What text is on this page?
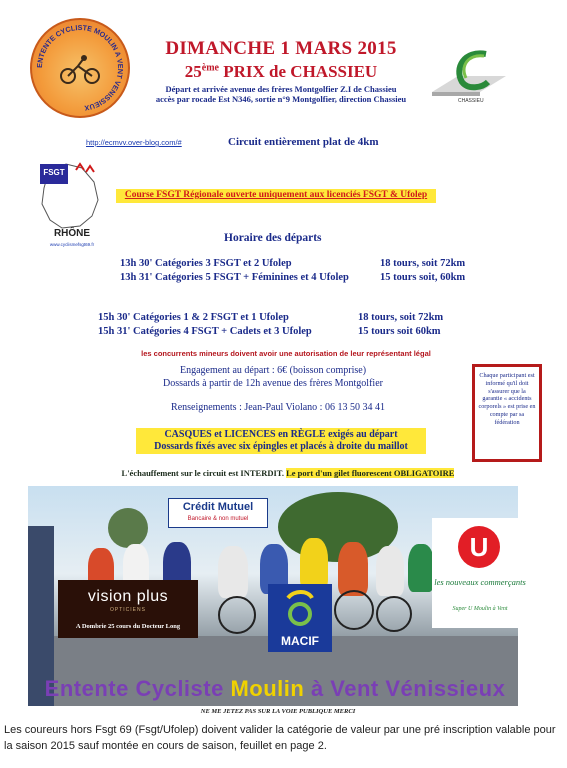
ENTENTE CYCLISTE MOULIN A VENT VENISSIEUX
DIMANCHE 1 MARS 2015
25ème PRIX de CHASSIEU
Départ et arrivée avenue des frères Montgolfier Z.I de Chassieu
accès par rocade Est N346, sortie n°9 Montgolfier, direction Chassieu	CHASSIEU
http://ecmvv.over-blog.com/#	Circuit entièrement plat de 4km
FSGT
RHÔNE
www.cyclismefsgt69.fr
Course FSGT Régionale ouverte uniquement aux licenciés FSGT & Ufolep
Horaire des départs
13h 30' Catégories 3 FSGT et 2 Ufolep	18 tours, soit 72km
13h 31' Catégories 5 FSGT + Féminines et 4 Ufolep	15 tours soit, 60km
15h 30' Catégories 1 & 2 FSGT et 1 Ufolep	18 tours, soit 72km
15h 31' Catégories 4 FSGT + Cadets et 3 Ufolep	15 tours soit 60km
les concurrents mineurs doivent avoir une autorisation de leur représentant légal
Engagement au départ : 6€ (boisson comprise)
Dossards à partir de 12h avenue des frères Montgolfier
Renseignements : Jean-Paul Violano : 06 13 50 34 41
Chaque participant est informé qu'il doit s'assurer que la garantie « accidents corporels » est prise en compte par sa fédération
CASQUES et LICENCES en RÈGLE exigés au départ
Dossards fixés avec six épingles et placés à droite du maillot
L'échauffement sur le circuit est INTERDIT. Le port d'un gilet fluorescent OBLIGATOIRE
Crédit Mutuel
Bancaire & non mutuel
vision plus
OPTICIENS
A Dombrie 25 cours du Docteur Long
MACIF
U
les nouveaux commerçants
Super U Moulin à Vent
Entente Cycliste Moulin à Vent Vénissieux
NE ME JETEZ PAS SUR LA VOIE PUBLIQUE MERCI
Les coureurs hors Fsgt 69 (Fsgt/Ufolep) doivent valider la catégorie de valeur par une pré inscription valable pour la saison 2015 sauf montée en cours de saison, feuillet en page 2.
